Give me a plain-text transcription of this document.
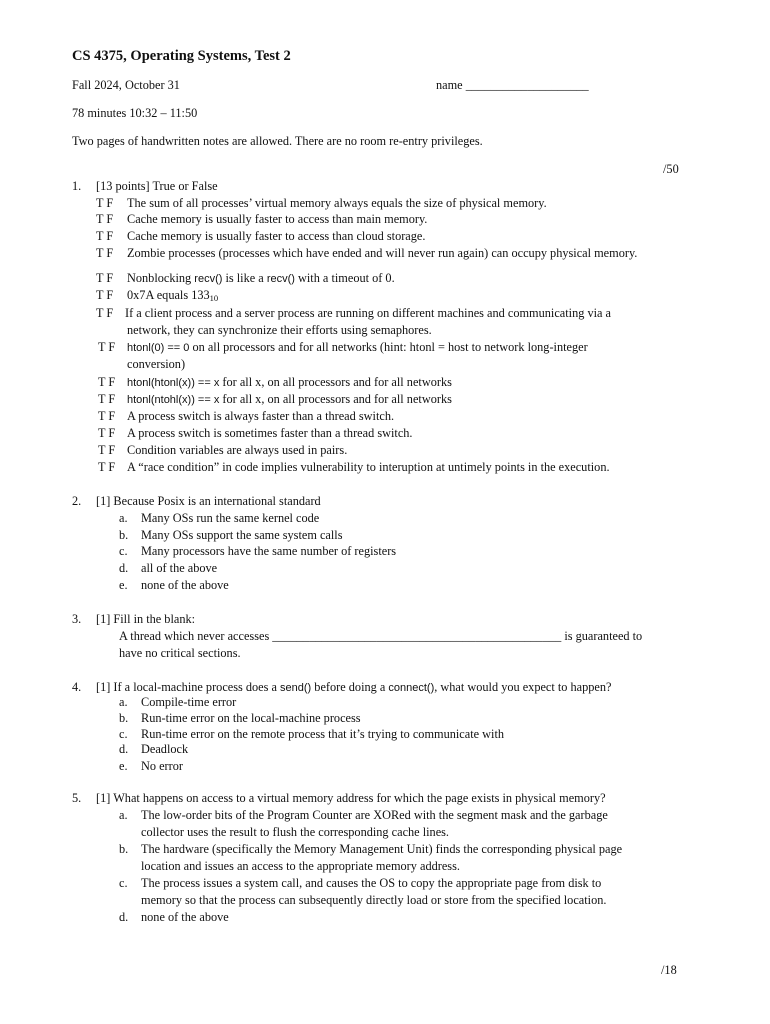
CS 4375, Operating Systems, Test 2
Fall 2024, October 31	name ____________________
78 minutes 10:32 – 11:50
Two pages of handwritten notes are allowed. There are no room re-entry privileges.
/50
1. [13 points] True or False
T F The sum of all processes’ virtual memory always equals the size of physical memory.
T F Cache memory is usually faster to access than main memory.
T F Cache memory is usually faster to access than cloud storage.
T F Zombie processes (processes which have ended and will never run again) can occupy physical memory.
T F Nonblocking recv() is like a recv() with a timeout of 0.
T F 0x7A equals $133_{10}$
T F If a client process and a server process are running on different machines and communicating via a
network, they can synchronize their efforts using semaphores.
T F htonl(0) == 0 on all processors and for all networks (hint: htonl = host to network long-integer
conversion)
T F htonl(htonl(x)) == x for all x, on all processors and for all networks
T F htonl(ntohl(x)) == x for all x, on all processors and for all networks
T F A process switch is always faster than a thread switch.
T F A process switch is sometimes faster than a thread switch.
T F Condition variables are always used in pairs.
T F A “race condition” in code implies vulnerability to interuption at untimely points in the execution.
2. [1] Because Posix is an international standard
a. Many OSs run the same kernel code
b. Many OSs support the same system calls
c. Many processors have the same number of registers
d. all of the above
e. none of the above
3. [1] Fill in the blank:
A thread which never accesses _______________________________________________ is guaranteed to
have no critical sections.
4. [1] If a local-machine process does a send() before doing a connect(), what would you expect to happen?
a. Compile-time error
b. Run-time error on the local-machine process
c. Run-time error on the remote process that it’s trying to communicate with
d. Deadlock
e. No error
5. [1] What happens on access to a virtual memory address for which the page exists in physical memory?
a. The low-order bits of the Program Counter are XORed with the segment mask and the garbage
collector uses the result to flush the corresponding cache lines.
b. The hardware (specifically the Memory Management Unit) finds the corresponding physical page
location and issues an access to the appropriate memory address.
c. The process issues a system call, and causes the OS to copy the appropriate page from disk to
memory so that the process can subsequently directly load or store from the specified location.
d. none of the above
/18
